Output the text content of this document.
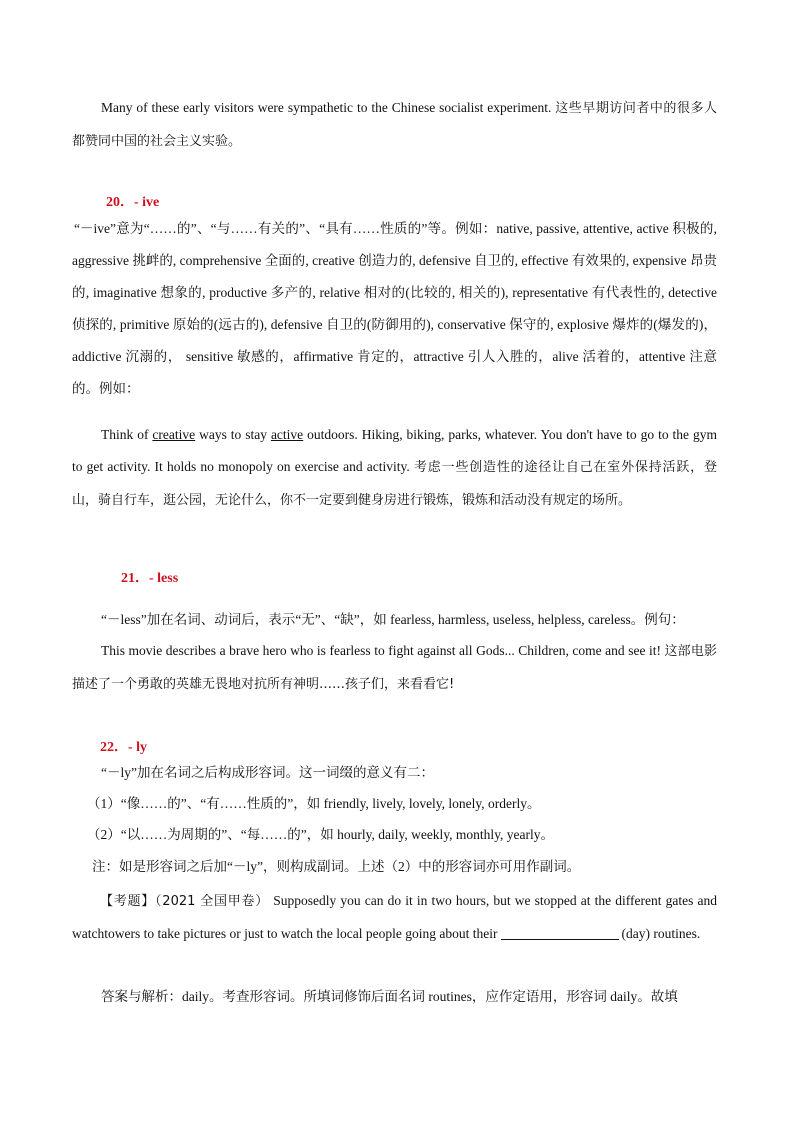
Many of these early visitors were sympathetic to the Chinese socialist experiment. 这些早期访问者中的很多人都赞同中国的社会主义实验。

20．- ive

“－ive”意为“……的”、“与……有关的”、“具有……性质的”等。例如：native, passive, attentive, active 积极的, aggressive 挑衅的, comprehensive 全面的, creative 创造力的, defensive 自卫的, effective 有效果的, expensive 昂贵的, imaginative 想象的, productive 多产的, relative 相对的(比较的, 相关的), representative 有代表性的, detective 侦探的, primitive 原始的(远古的), defensive 自卫的(防御用的), conservative 保守的, explosive 爆炸的(爆发的)，addictive 沉溺的， sensitive 敏感的，affirmative 肯定的，attractive 引人入胜的，alive 活着的，attentive 注意的。例如：

Think of creative ways to stay active outdoors. Hiking, biking, parks, whatever. You don't have to go to the gym to get activity. It holds no monopoly on exercise and activity. 考虑一些创造性的途径让自己在室外保持活跃，登山，骑自行车，逛公园，无论什么，你不一定要到健身房进行锻炼，锻炼和活动没有规定的场所。

21．- less

“－less”加在名词、动词后，表示“无”、“缺”，如 fearless, harmless, useless, helpless, careless。例句：

This movie describes a brave hero who is fearless to fight against all Gods... Children, come and see it! 这部电影描述了一个勇敢的英雄无畏地对抗所有神明……孩子们，来看看它!

22．- ly

“－ly”加在名词之后构成形容词。这一词缀的意义有二：

（1）“像……的”、“有……性质的”，如 friendly, lively, lovely, lonely, orderly。

（2）“以……为周期的”、“每……的”，如 hourly, daily, weekly, monthly, yearly。

注：如是形容词之后加“－ly”，则构成副词。上述（2）中的形容词亦可用作副词。

【考题】（2021 全国甲卷） Supposedly you can do it in two hours, but we stopped at the different gates and watchtowers to take pictures or just to watch the local people going about their	(day) routines.

答案与解析：daily。考查形容词。所填词修饰后面名词 routines，应作定语用，形容词 daily。故填
